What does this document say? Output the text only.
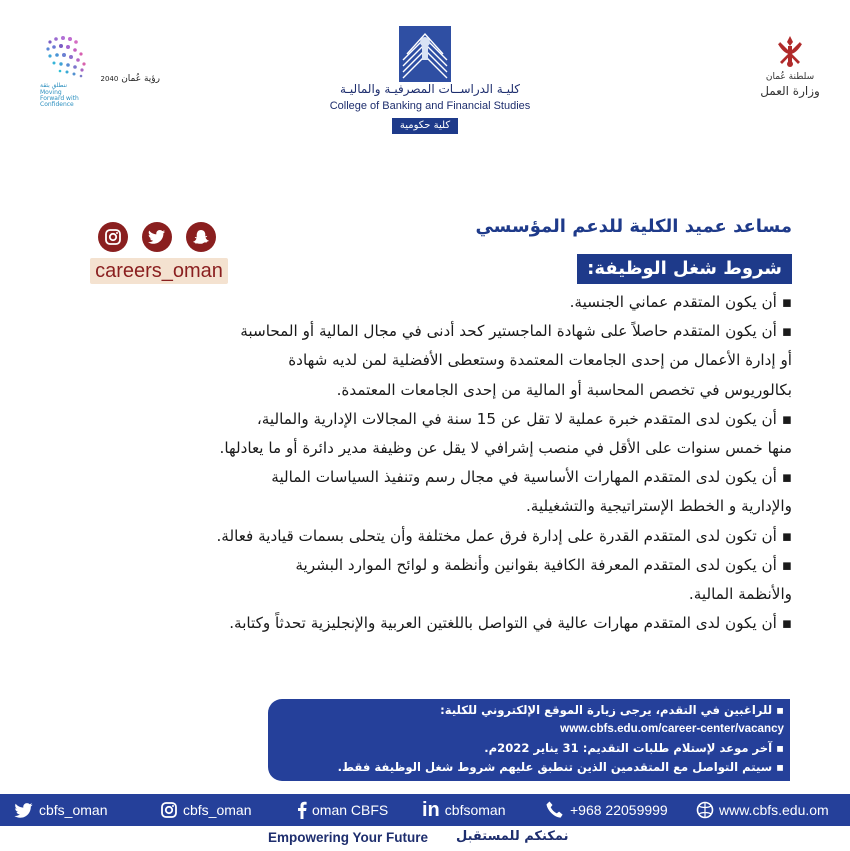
رؤية عُمان 2040
ننطلق بثقة
Moving Forward with Confidence
كليـة الدراســات المصرفيـة والماليـة
College of Banking and Financial Studies
كلية حكومية
سلطنة عُمان
وزارة العمل
careers_oman
مساعد عميد الكلية للدعم المؤسسي
شروط شغل الوظيفة:
▪ أن يكون المتقدم عماني الجنسية.
▪ أن يكون المتقدم حاصلاً على شهادة الماجستير كحد أدنى في مجال المالية أو المحاسبة
أو إدارة الأعمال من إحدى الجامعات المعتمدة وستعطى الأفضلية لمن لديه شهادة
بكالوريوس في تخصص المحاسبة أو المالية من إحدى الجامعات المعتمدة.
▪ أن يكون لدى المتقدم خبرة عملية لا تقل عن 15 سنة في المجالات الإدارية والمالية،
منها خمس سنوات على الأقل في منصب إشرافي لا يقل عن وظيفة مدير دائرة أو ما يعادلها.
▪ أن يكون لدى المتقدم المهارات الأساسية في مجال رسم وتنفيذ السياسات المالية
والإدارية و الخطط الإستراتيجية والتشغيلية.
▪ أن تكون لدى المتقدم القدرة على إدارة فرق عمل مختلفة وأن يتحلى بسمات قيادية فعالة.
▪ أن يكون لدى المتقدم المعرفة الكافية بقوانين وأنظمة و لوائح الموارد البشرية
والأنظمة المالية.
▪ أن يكون لدى المتقدم مهارات عالية في التواصل باللغتين العربية والإنجليزية تحدثاً وكتابة.
▪ للراغبين في التقدم، يرجى زيارة الموقع الإلكتروني للكلية:
www.cbfs.edu.om/career-center/vacancy
▪ آخر موعد لإستلام طلبات التقديم: 31 يناير 2022م.
▪ سيتم التواصل مع المتقدمين الذين تنطبق عليهم شروط شغل الوظيفة فقط.
cbfs_oman	cbfs_oman	oman CBFS in cbfsoman	+968 22059999	www.cbfs.edu.om
Empowering Your Future نمكنكم للمستقبل
